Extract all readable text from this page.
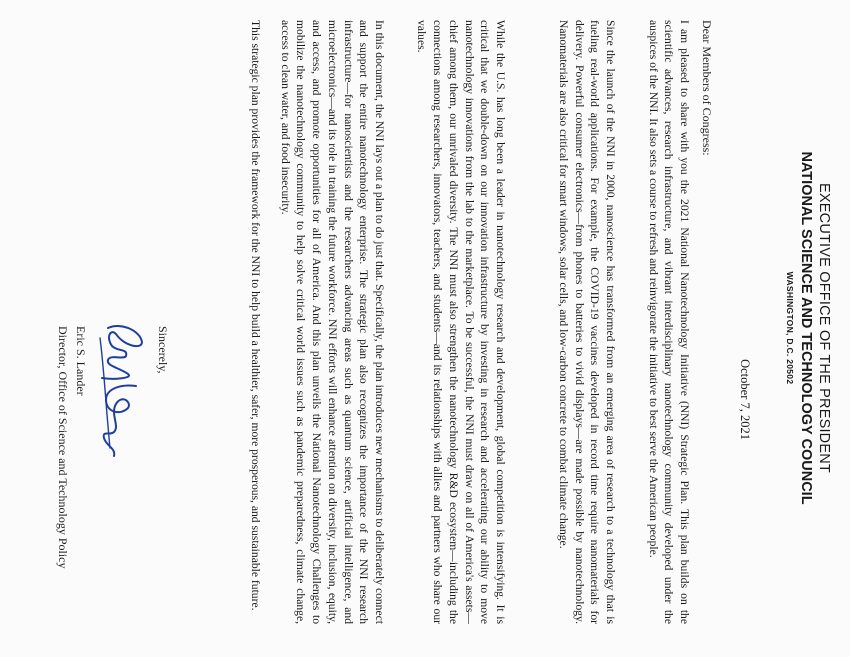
EXECUTIVE OFFICE OF THE PRESIDENT
NATIONAL SCIENCE AND TECHNOLOGY COUNCIL
WASHINGTON, D.C. 20502
October 7, 2021
Dear Members of Congress:
I am pleased to share with you the 2021 National Nanotechnology Initiative (NNI) Strategic Plan. This plan builds on the scientific advances, research infrastructure, and vibrant interdisciplinary nanotechnology community developed under the auspices of the NNI. It also sets a course to refresh and reinvigorate the initiative to best serve the American people.
Since the launch of the NNI in 2000, nanoscience has transformed from an emerging area of research to a technology that is fueling real-world applications. For example, the COVID-19 vaccines developed in record time require nanomaterials for delivery. Powerful consumer electronics—from phones to batteries to vivid displays—are made possible by nanotechnology. Nanomaterials are also critical for smart windows, solar cells, and low-carbon concrete to combat climate change.
While the U.S. has long been a leader in nanotechnology research and development, global competition is intensifying. It is critical that we double-down on our innovation infrastructure by investing in research and accelerating our ability to move nanotechnology innovations from the lab to the marketplace. To be successful, the NNI must draw on all of America's assets—chief among them, our unrivaled diversity. The NNI must also strengthen the nanotechnology R&D ecosystem—including the connections among researchers, innovators, teachers, and students—and its relationships with allies and partners who share our values.
In this document, the NNI lays out a plan to do just that. Specifically, the plan introduces new mechanisms to deliberately connect and support the entire nanotechnology enterprise. The strategic plan also recognizes the importance of the NNI research infrastructure—for nanoscientists and the researchers advancing areas such as quantum science, artificial intelligence, and microelectronics—and its role in training the future workforce. NNI efforts will enhance attention on diversity, inclusion, equity, and access, and promote opportunities for all of America. And this plan unveils the National Nanotechnology Challenges to mobilize the nanotechnology community to help solve critical world issues such as pandemic preparedness, climate change, access to clean water, and food insecurity.
This strategic plan provides the framework for the NNI to help build a healthier, safer, more prosperous, and sustainable future.
Sincerely,
Eric S. Lander
Director, Office of Science and Technology Policy
